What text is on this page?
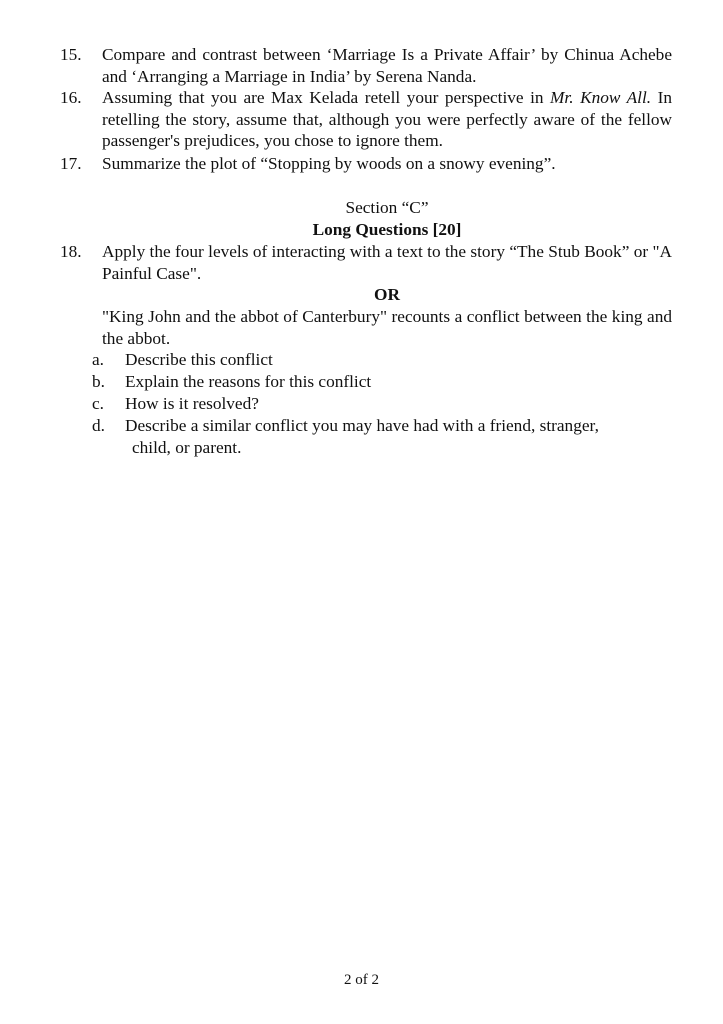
15.	Compare and contrast between ‘Marriage Is a Private Affair’ by Chinua Achebe and ‘Arranging a Marriage in India’ by Serena Nanda.
16.	Assuming that you are Max Kelada retell your perspective in Mr. Know All. In retelling the story, assume that, although you were perfectly aware of the fellow passenger's prejudices, you chose to ignore them.
17.	Summarize the plot of “Stopping by woods on a snowy evening”.
Section “C”
Long Questions [20]
18.	Apply the four levels of interacting with a text to the story “The Stub Book” or "A Painful Case".
OR
"King John and the abbot of Canterbury" recounts a conflict between the king and the abbot.
a.	Describe this conflict
b.	Explain the reasons for this conflict
c.	How is it resolved?
d.	Describe a similar conflict you may have had with a friend, stranger,
child, or parent.
2 of 2
